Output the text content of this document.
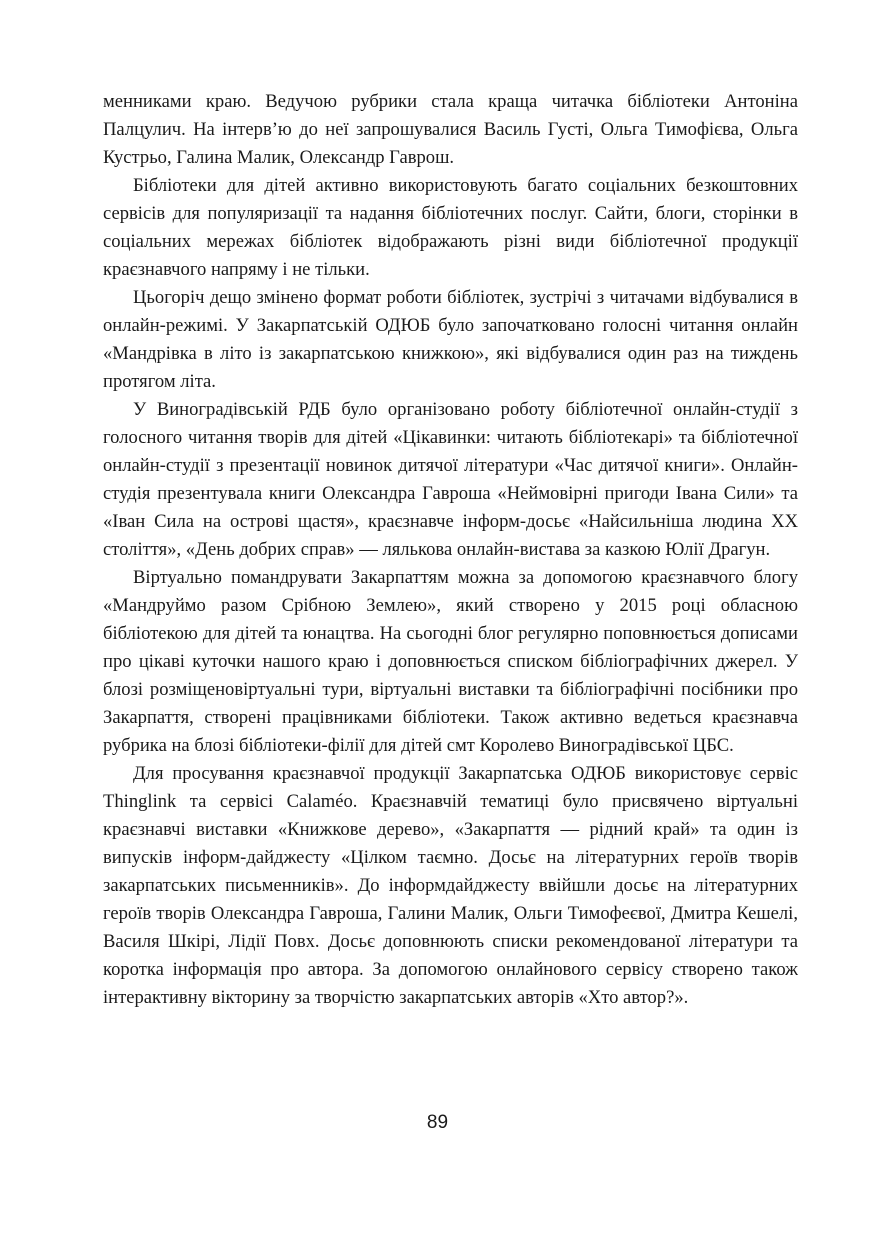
менниками краю. Ведучою рубрики стала краща читачка бібліотеки Антоніна Палцулич. На інтерв’ю до неї запрошувалися Василь Густі, Ольга Тимофієва, Ольга Кустрьо, Галина Малик, Олександр Гаврош.

Бібліотеки для дітей активно використовують багато соціальних безкоштовних сервісів для популяризації та надання бібліотечних послуг. Сайти, блоги, сторінки в соціальних мережах бібліотек відображають різні види бібліотечної продукції краєзнавчого напряму і не тільки.

Цьогоріч дещо змінено формат роботи бібліотек, зустрічі з читачами відбувалися в онлайн-режимі. У Закарпатській ОДЮБ було започатковано голосні читання онлайн «Мандрівка в літо із закарпатською книжкою», які відбувалися один раз на тиждень протягом літа.

У Виноградівській РДБ було організовано роботу бібліотечної онлайн-студії з голосного читання творів для дітей «Цікавинки: читають бібліотекарі» та бібліотечної онлайн-студії з презентації новинок дитячої літератури «Час дитячої книги». Онлайн-студія презентувала книги Олександра Гавроша «Неймовірні пригоди Івана Сили» та «Іван Сила на острові щастя», краєзнавче інформ-досьє «Найсильніша людина ХХ століття», «День добрих справ» — лялькова онлайн-вистава за казкою Юлії Драгун.

Віртуально помандрувати Закарпаттям можна за допомогою краєзнавчого блогу «Мандруймо разом Срібною Землею», який створено у 2015 році обласною бібліотекою для дітей та юнацтва. На сьогодні блог регулярно поповнюється дописами про цікаві куточки нашого краю і доповнюється списком бібліографічних джерел. У блозі розміщеновіртуальні тури, віртуальні виставки та бібліографічні посібники про Закарпаття, створені працівниками бібліотеки. Також активно ведеться краєзнавча рубрика на блозі бібліотеки-філії для дітей смт Королево Виноградівської ЦБС.

Для просування краєзнавчої продукції Закарпатська ОДЮБ використовує сервіс Thinglink та сервісі Calaméo. Краєзнавчій тематиці було присвячено віртуальні краєзнавчі виставки «Книжкове дерево», «Закарпаття — рідний край» та один із випусків інформ-дайджесту «Цілком таємно. Досьє на літературних героїв творів закарпатських письменників». До інформдайджесту ввійшли досьє на літературних героїв творів Олександра Гавроша, Галини Малик, Ольги Тимофеєвої, Дмитра Кешелі, Василя Шкірі, Лідії Повх. Досьє доповнюють списки рекомендованої літератури та коротка інформація про автора. За допомогою онлайнового сервісу створено також інтерактивну вікторину за творчістю закарпатських авторів «Хто автор?».

89
